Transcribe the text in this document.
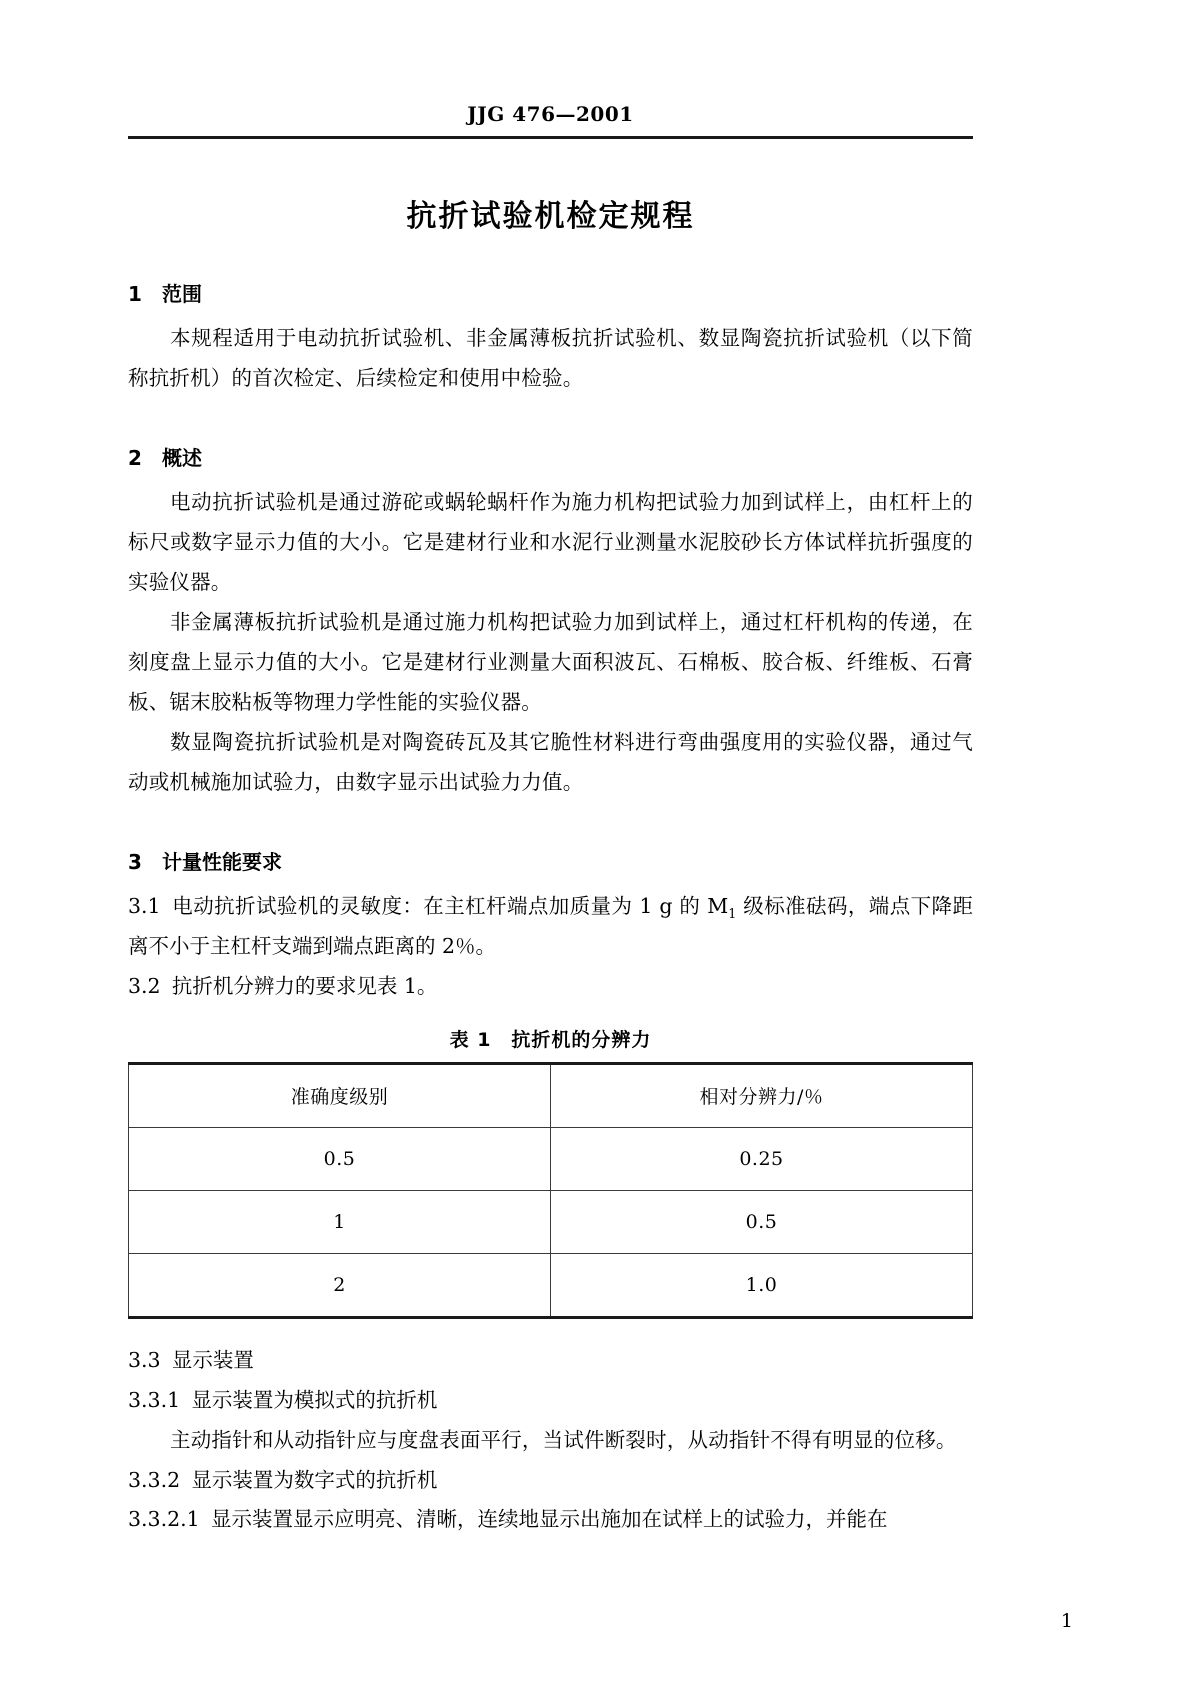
JJG 476—2001
抗折试验机检定规程
1 范围

本规程适用于电动抗折试验机、非金属薄板抗折试验机、数显陶瓷抗折试验机（以下简称抗折机）的首次检定、后续检定和使用中检验。

2 概述

电动抗折试验机是通过游砣或蜗轮蜗杆作为施力机构把试验力加到试样上，由杠杆上的标尺或数字显示力值的大小。它是建材行业和水泥行业测量水泥胶砂长方体试样抗折强度的实验仪器。

非金属薄板抗折试验机是通过施力机构把试验力加到试样上，通过杠杆机构的传递，在刻度盘上显示力值的大小。它是建材行业测量大面积波瓦、石棉板、胶合板、纤维板、石膏板、锯末胶粘板等物理力学性能的实验仪器。

数显陶瓷抗折试验机是对陶瓷砖瓦及其它脆性材料进行弯曲强度用的实验仪器，通过气动或机械施加试验力，由数字显示出试验力力值。

3 计量性能要求

3.1 电动抗折试验机的灵敏度：在主杠杆端点加质量为 1 g 的 $M_1$ 级标准砝码，端点下降距离不小于主杠杆支端到端点距离的 2％。

3.2 抗折机分辨力的要求见表 1。

表 1　抗折机的分辨力
准确度级别	相对分辨力/％
0.5	0.25
1	0.5
2	1.0

3.3 显示装置

3.3.1 显示装置为模拟式的抗折机

主动指针和从动指针应与度盘表面平行，当试件断裂时，从动指针不得有明显的位移。

3.3.2 显示装置为数字式的抗折机

3.3.2.1 显示装置显示应明亮、清晰，连续地显示出施加在试样上的试验力，并能在

1
